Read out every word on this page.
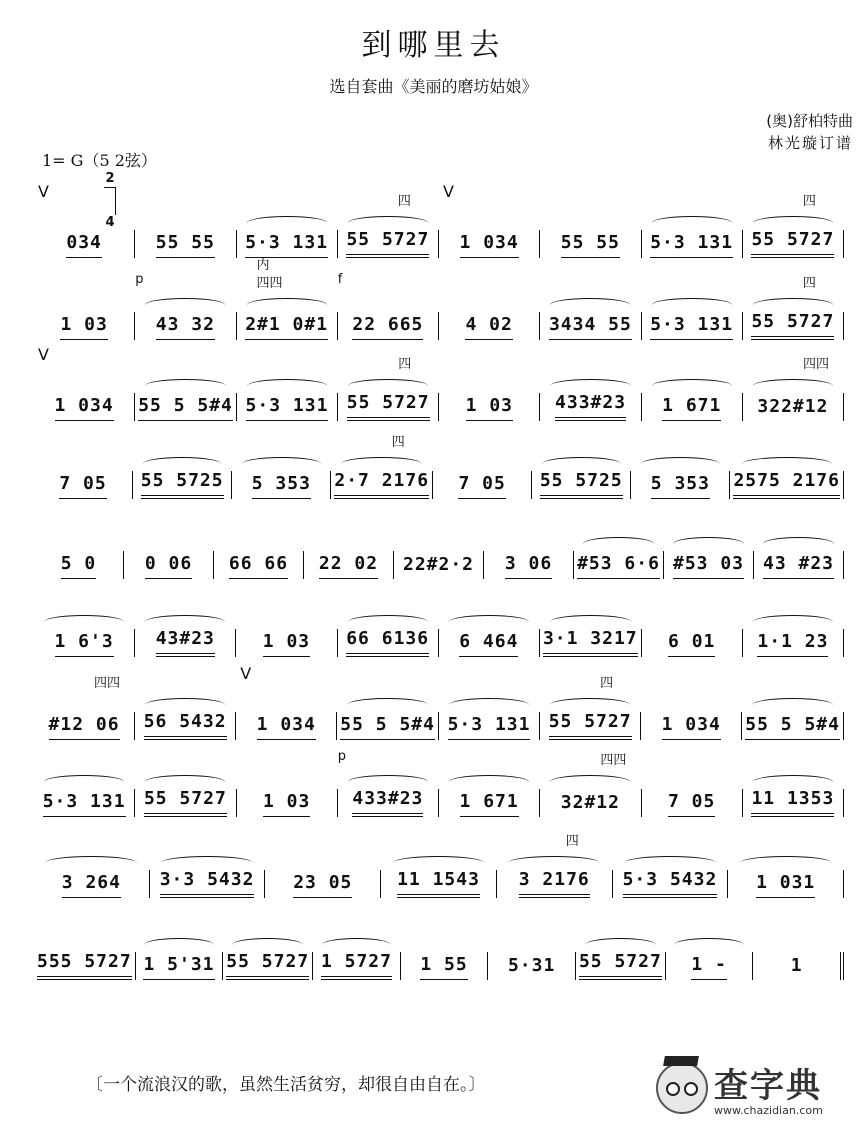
到哪里去
选自套曲《美丽的磨坊姑娘》
(奥)舒柏特曲
林光璇订谱
1= G（5 2弦）
2
4
034
V
55 55 5·3 131 55 5727
四
1 034
V
55 55 5·3 131 55 5727
四
1 03	43 32
p
2#1 0#1
四四
内
22 665
f
4 02 3434 55 5·3 131 55 5727
四
1 034
V
55 5 5#4 5·3 131 55 5727
四
1 03 433#23 1 671 322#12
四四
7 05 55 5725 5 353 2·7 2176
四
7 05 55 5725 5 353 2575 2176
5 0	0 06 66 66 22 02 22#2·2 3 06 #53 6·6 #53 03 43 #23
1 6'3 43#23	1 03 66 6136 6 464 3·1 3217 6 01 1·1 23
#12 06
四四
56 5432 1 034
V
55 5 5#4 5·3 131 55 5727
四
1 034 55 5 5#4
5·3 131 55 5727 1 03 433#23
p
1 671 32#12
四四
7 05 11 1353
3 264 3·3 5432 23 05 11 1543 3 2176
四
5·3 5432 1 031
555 5727 1 5'31 55 5727 1 5727 1 55 5·31 55 5727 1 -	1
〔一个流浪汉的歌，虽然生活贫穷，却很自由自在。〕	查字典
www.chazidian.com
